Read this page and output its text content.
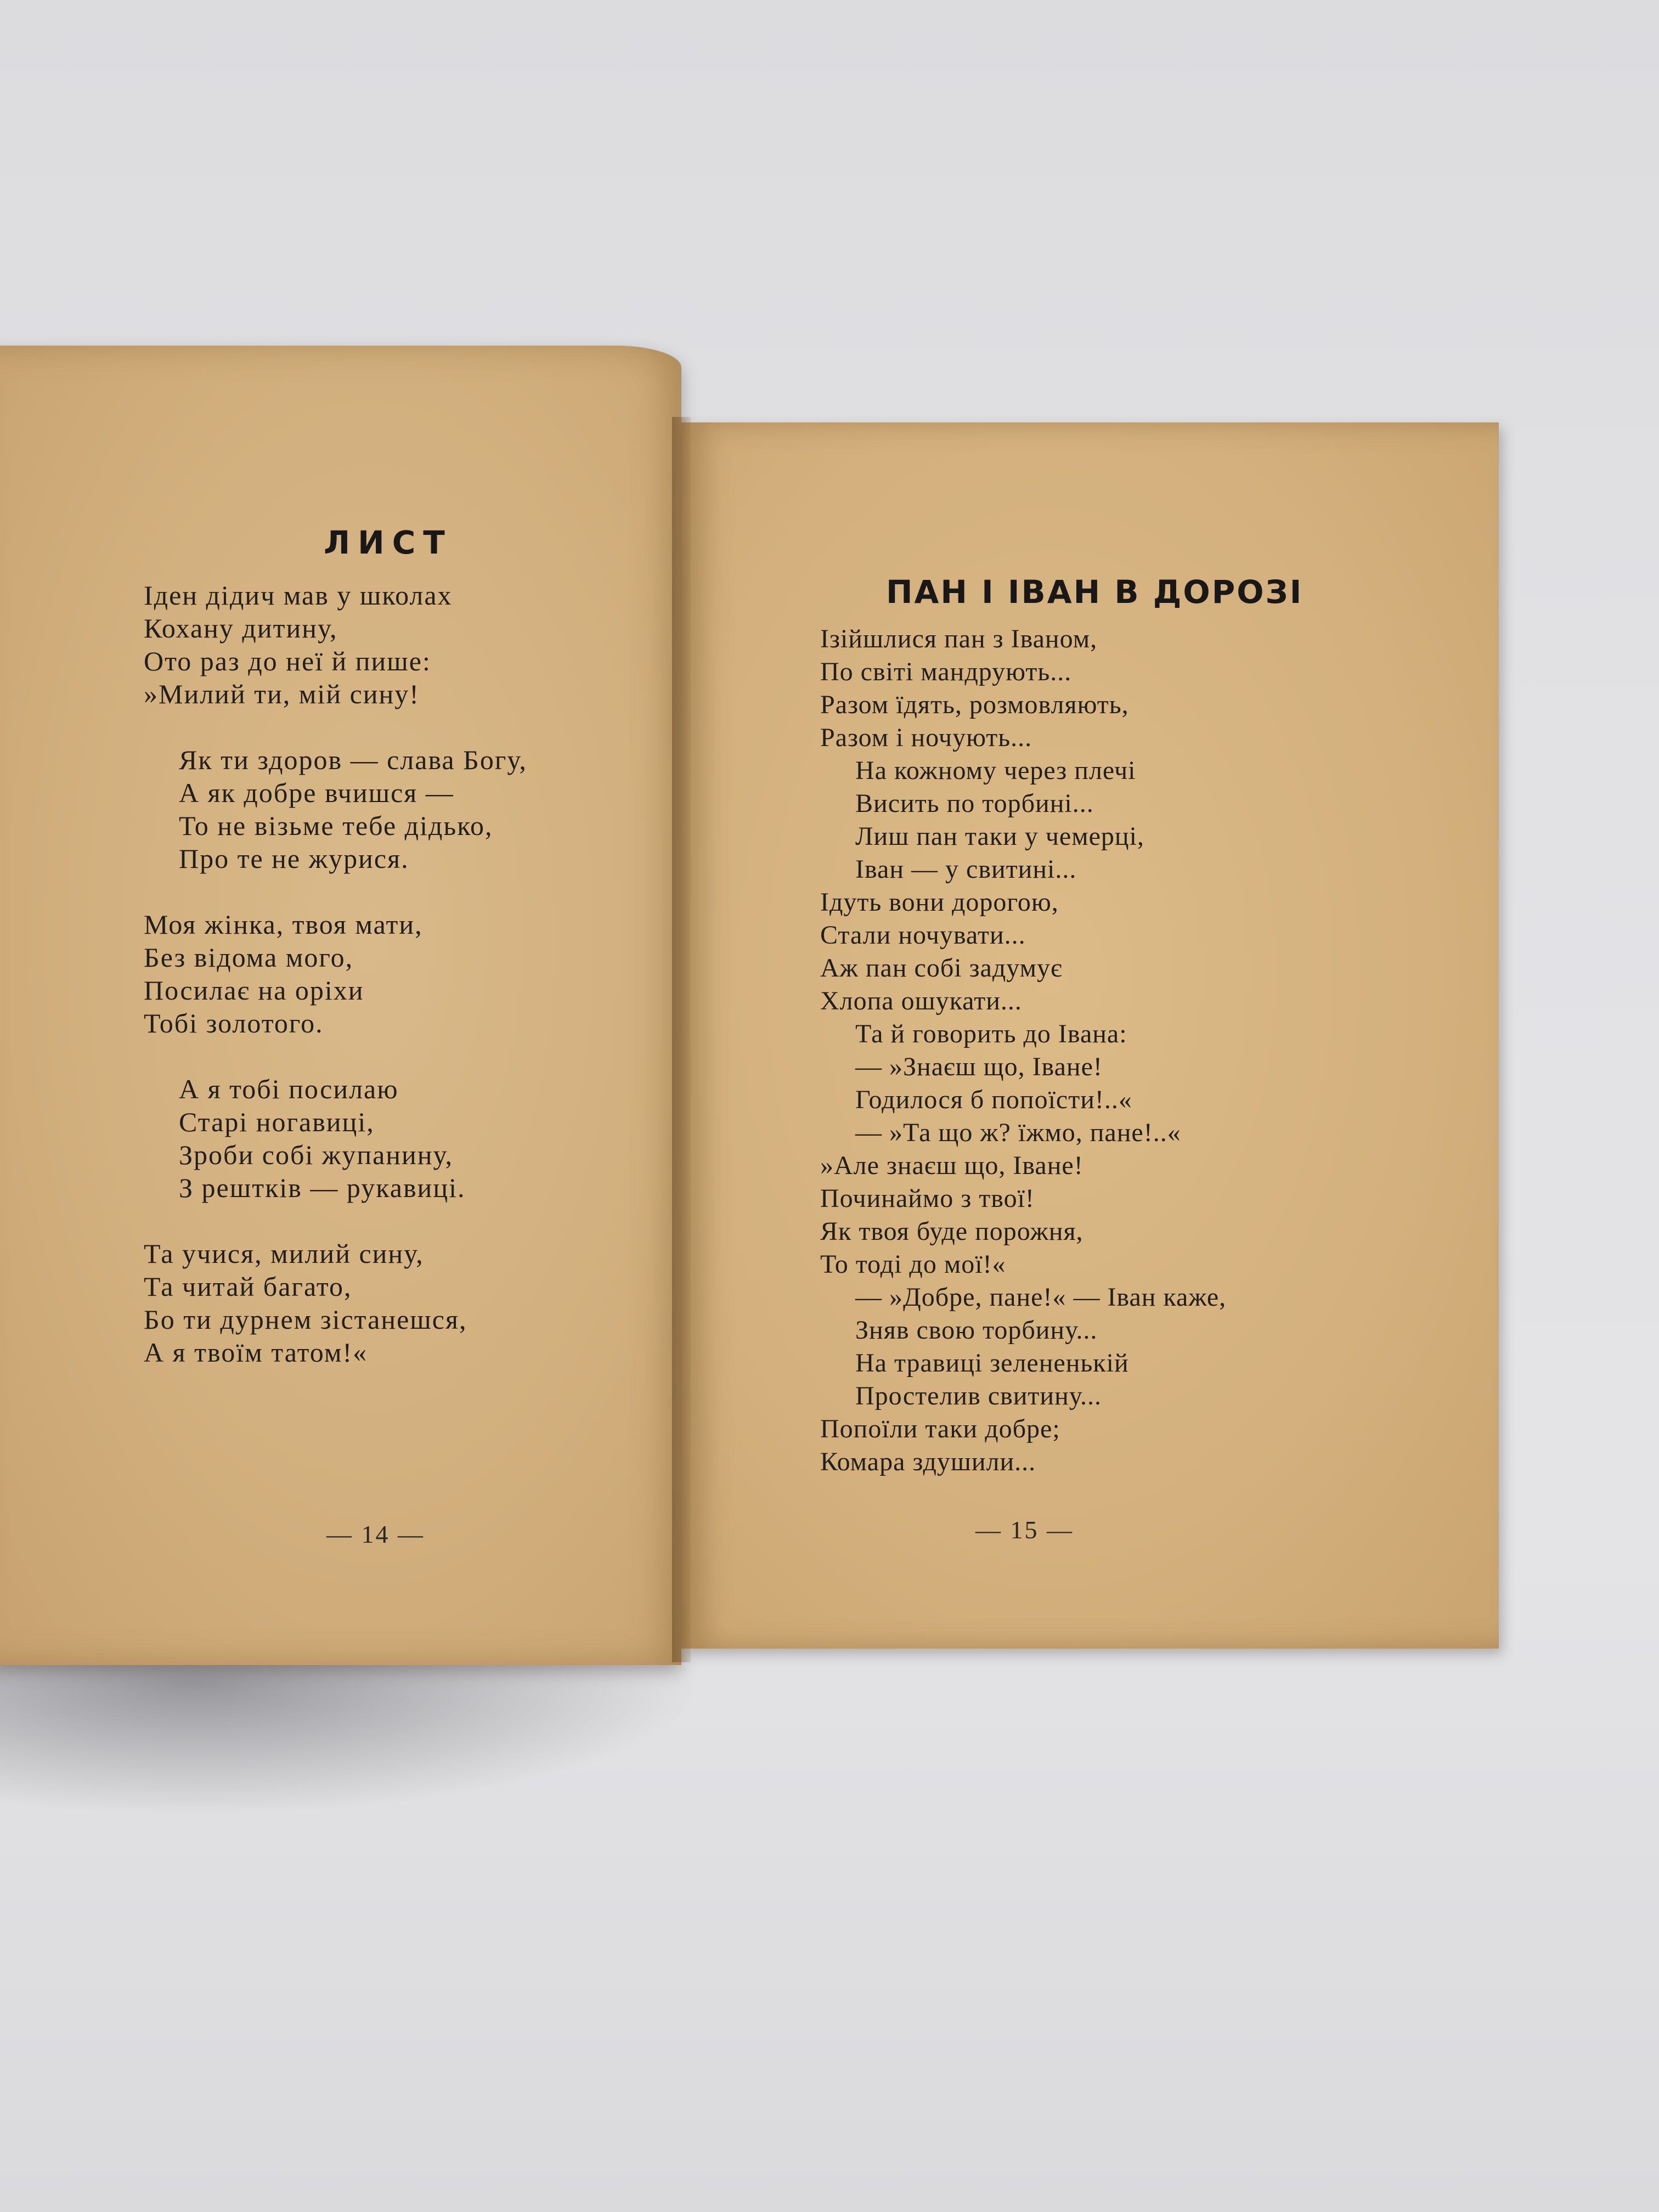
ЛИСТ
Іден дідич мав у школах
Кохану дитину,
Ото раз до неї й пише:
»Милий ти, мій сину!
Як ти здоров — слава Богу,
А як добре вчишся —
То не візьме тебе дідько,
Про те не журися.
Моя жінка, твоя мати,
Без відома мого,
Посилає на оріхи
Тобі золотого.
А я тобі посилаю
Старі ногавиці,
Зроби собі жупанину,
З решткiв — рукавиці.
Та учися, милий сину,
Та читай багато,
Бо ти дурнем зістанешся,
А я твоїм татом!«
— 14 —
ПАН І ІВАН В ДОРОЗІ
Ізійшлися пан з Іваном,
По світі мандрують...
Разом їдять, розмовляють,
Разом і ночують...
На кожному через плечі
Висить по торбині...
Лиш пан таки у чемерці,
Іван — у свитині...
Ідуть вони дорогою,
Стали ночувати...
Аж пан собі задумує
Хлопа ошукати...
Та й говорить до Івана:
— »Знаєш що, Іване!
Годилося б попоїсти!..«
— »Та що ж? їжмо, пане!..«
»Але знаєш що, Іване!
Починаймо з твої!
Як твоя буде порожня,
То тоді до мої!«
— »Добре, пане!« — Іван каже,
Зняв свою торбину...
На травиці зелененькій
Простелив свитину...
Попоїли таки добре;
Комара здушили...
— 15 —
